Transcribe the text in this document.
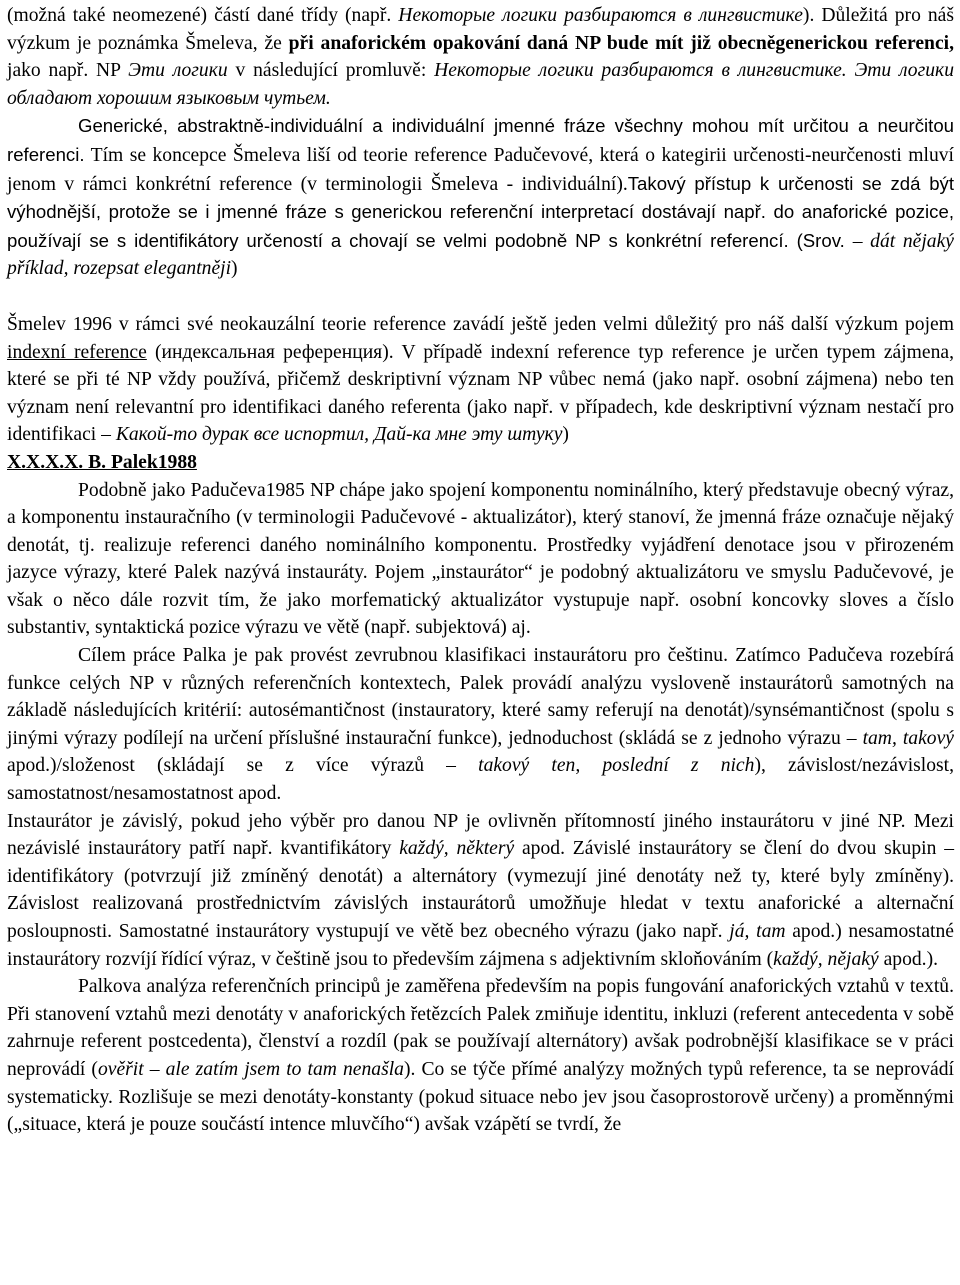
(možná také neomezené) částí dané třídy (např. Некоторые логики разбираются в лингвистике). Důležitá pro náš výzkum je poznámka Šmeleva, že při anaforickém opakování daná NP bude mít již obecněgenerickou referenci, jako např. NP Эти логики v následující promluvě: Некоторые логики разбираются в лингвистике. Эти логики обладают хорошим языковым чутьем.
Generické, abstraktně-individuální a individuální jmenné fráze všechny mohou mít určitou a neurčitou referenci. Tím se koncepce Šmeleva liší od teorie reference Padučevové, která o kategirii určenosti-neurčenosti mluví jenom v rámci konkrétní reference (v terminologii Šmeleva - individuální).Takový přístup k určenosti se zdá být výhodnější, protože se i jmenné fráze s generickou referenční interpretací dostávají např. do anaforické pozice, používají se s identifikátory určeností a chovají se velmi podobně NP s konkrétní referencí. (Srov. – dát nějaký příklad, rozepsat elegantněji)

Šmelev 1996 v rámci své neokauzální teorie reference zavádí ještě jeden velmi důležitý pro náš další výzkum pojem indexní reference (индексальная референция). V případě indexní reference typ reference je určen typem zájmena, které se při té NP vždy používá, přičemž deskriptivní význam NP vůbec nemá (jako např. osobní zájmena) nebo ten význam není relevantní pro identifikaci daného referenta (jako např. v případech, kde deskriptivní význam nestačí pro identifikaci – Какой-то дурак все испортил, Дай-ка мне эту штуку)

X.X.X.X. B. Palek1988

Podobně jako Padučeva1985 NP chápe jako spojení komponentu nominálního, který představuje obecný výraz, a komponentu instauračního (v terminologii Padučevové - aktualizátor), který stanoví, že jmenná fráze označuje nějaký denotát, tj. realizuje referenci daného nominálního komponentu. Prostředky vyjádření denotace jsou v přirozeném jazyce výrazy, které Palek nazývá instauráty. Pojem „instaurátor“ je podobný aktualizátoru ve smyslu Padučevové, je však o něco dále rozvit tím, že jako morfematický aktualizátor vystupuje např. osobní koncovky sloves a číslo substantiv, syntaktická pozice výrazu ve větě (např. subjektová) aj.

Cílem práce Palka je pak provést zevrubnou klasifikaci instaurátoru pro češtinu. Zatímco Padučeva rozebírá funkce celých NP v různých referenčních kontextech, Palek provádí analýzu vysloveně instaurátorů samotných na základě následujících kritérií: autosémantičnost (instauratory, které samy referují na denotát)/synsémantičnost (spolu s jinými výrazy podílejí na určení příslušné instaurační funkce), jednoduchost (skládá se z jednoho výrazu – tam, takový apod.)/složenost (skládají se z více výrazů – takový ten, poslední z nich), závislost/nezávislost, samostatnost/nesamostatnost apod.

Instaurátor je závislý, pokud jeho výběr pro danou NP je ovlivněn přítomností jiného instaurátoru v jiné NP. Mezi nezávislé instaurátory patří např. kvantifikátory každý, některý apod. Závislé instaurátory se člení do dvou skupin – identifikátory (potvrzují již zmíněný denotát) a alternátory (vymezují jiné denotáty než ty, které byly zmíněny). Závislost realizovaná prostřednictvím závislých instaurátorů umožňuje hledat v textu anaforické a alternační posloupnosti. Samostatné instaurátory vystupují ve větě bez obecného výrazu (jako např. já, tam apod.) nesamostatné instaurátory rozvíjí řídící výraz, v češtině jsou to především zájmena s adjektivním skloňováním (každý, nějaký apod.).

Palkova analýza referenčních principů je zaměřena především na popis fungování anaforických vztahů v textů. Při stanovení vztahů mezi denotáty v anaforických řetězcích Palek zmiňuje identitu, inkluzi (referent antecedenta v sobě zahrnuje referent postcedenta), členství a rozdíl (pak se používají alternátory) avšak podrobnější klasifikace se v práci neprovádí (ověřit – ale zatím jsem to tam nenašla). Co se týče přímé analýzy možných typů reference, ta se neprovádí systematicky. Rozlišuje se mezi denotáty-konstanty (pokud situace nebo jev jsou časoprostorově určeny) a proměnnými („situace, která je pouze součástí intence mluvčího“) avšak vzápětí se tvrdí, že
